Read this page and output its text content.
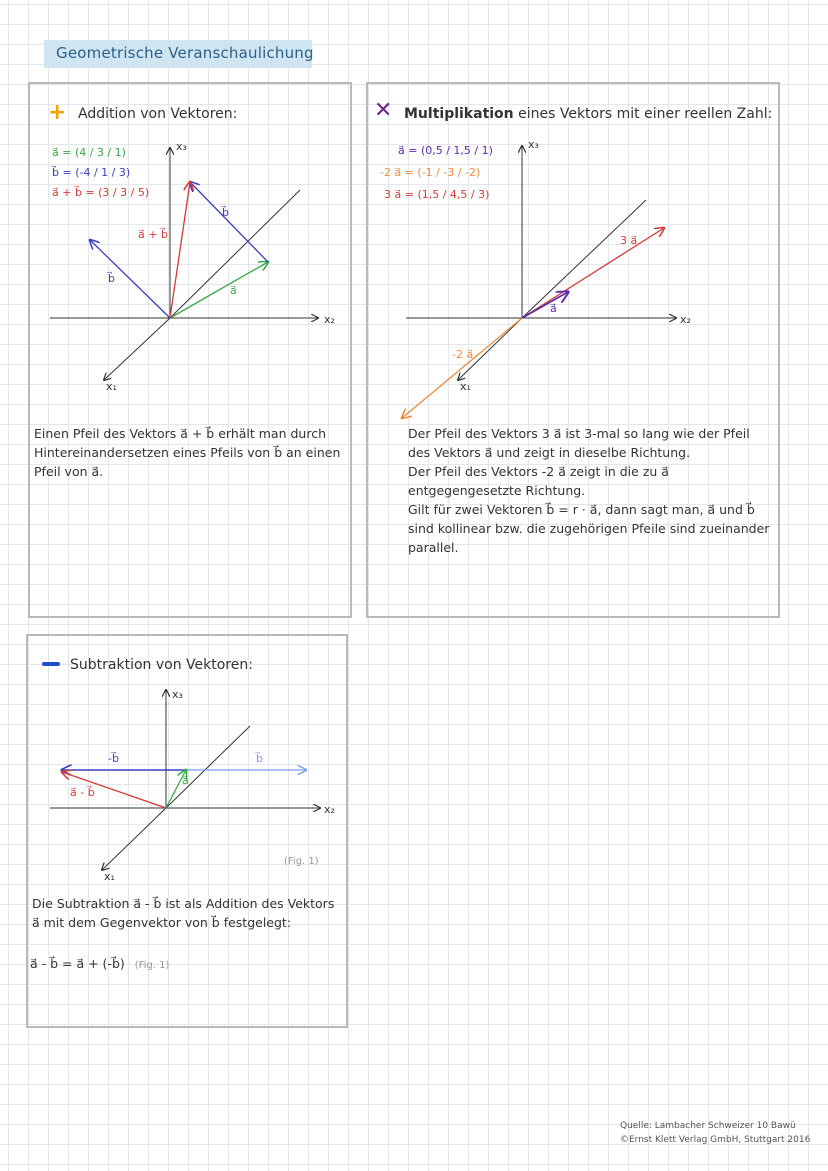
Geometrische Veranschaulichung
+ Addition von Vektoren:
a⃗ = (4 / 3 / 1)
b⃗ = (-4 / 1 / 3)
a⃗ + b⃗ = (3 / 3 / 5)
x₃
x₂
x₁
a⃗
b⃗
b⃗
a⃗ + b⃗
Einen Pfeil des Vektors a⃗ + b⃗ erhält man durch Hintereinandersetzen eines Pfeils von b⃗ an einen Pfeil von a⃗.
✕ Multiplikation eines Vektors mit einer reellen Zahl:
a⃗ = (0,5 / 1,5 / 1)
-2 a⃗ = (-1 / -3 / -2)
3 a⃗ = (1,5 / 4,5 / 3)
x₃
x₂
x₁
3 a⃗
a⃗
-2 a⃗
Der Pfeil des Vektors 3 a⃗ ist 3-mal so lang wie der Pfeil des Vektors a⃗ und zeigt in dieselbe Richtung.
Der Pfeil des Vektors -2 a⃗ zeigt in die zu a⃗ entgegengesetzte Richtung.
Gilt für zwei Vektoren b⃗ = r · a⃗, dann sagt man, a⃗ und b⃗ sind kollinear bzw. die zugehörigen Pfeile sind zueinander parallel.
Subtraktion von Vektoren:
x₃
x₂
x₁
-b⃗	b⃗
a⃗
a⃗ - b⃗
(Fig. 1)
Die Subtraktion a⃗ - b⃗ ist als Addition des Vektors a⃗ mit dem Gegenvektor von b⃗ festgelegt:
a⃗ - b⃗ = a⃗ + (-b⃗) (Fig. 1)
Quelle: Lambacher Schweizer 10 Bawü
©Ernst Klett Verlag GmbH, Stuttgart 2016
